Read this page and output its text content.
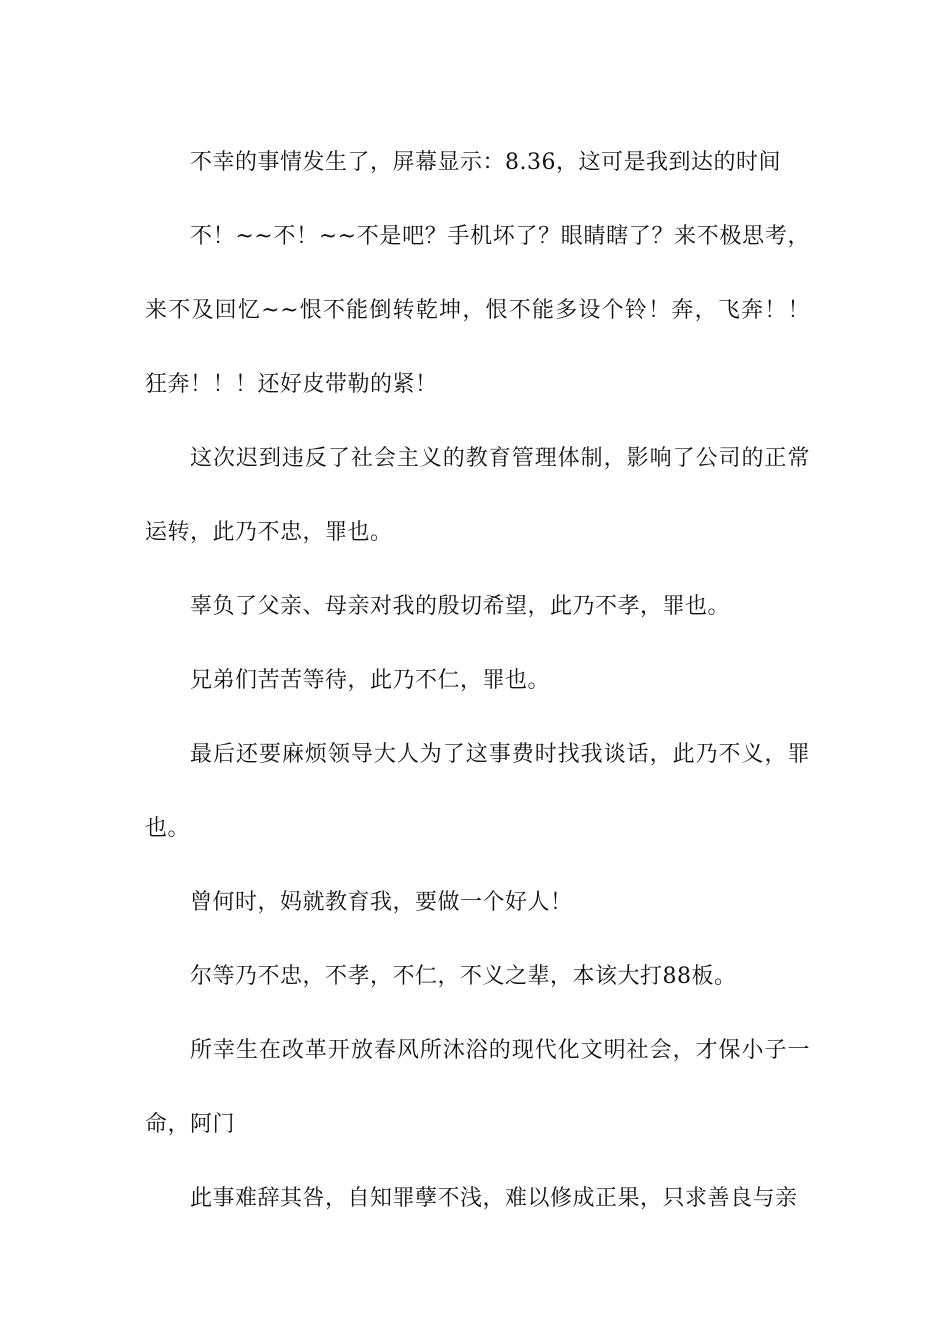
不幸的事情发生了，屏幕显示：8.36，这可是我到达的时间

不！~~不！~~不是吧？手机坏了？眼睛瞎了？来不极思考，来不及回忆~~恨不能倒转乾坤，恨不能多设个铃！奔，飞奔！！狂奔！！！还好皮带勒的紧！

这次迟到违反了社会主义的教育管理体制，影响了公司的正常运转，此乃不忠，罪也。

辜负了父亲、母亲对我的殷切希望，此乃不孝，罪也。

兄弟们苦苦等待，此乃不仁，罪也。

最后还要麻烦领导大人为了这事费时找我谈话，此乃不义，罪也。

曾何时，妈就教育我，要做一个好人！

尔等乃不忠，不孝，不仁，不义之辈，本该大打88板。

所幸生在改革开放春风所沐浴的现代化文明社会，才保小子一命，阿门

此事难辞其咎，自知罪孽不浅，难以修成正果，只求善良与亲
